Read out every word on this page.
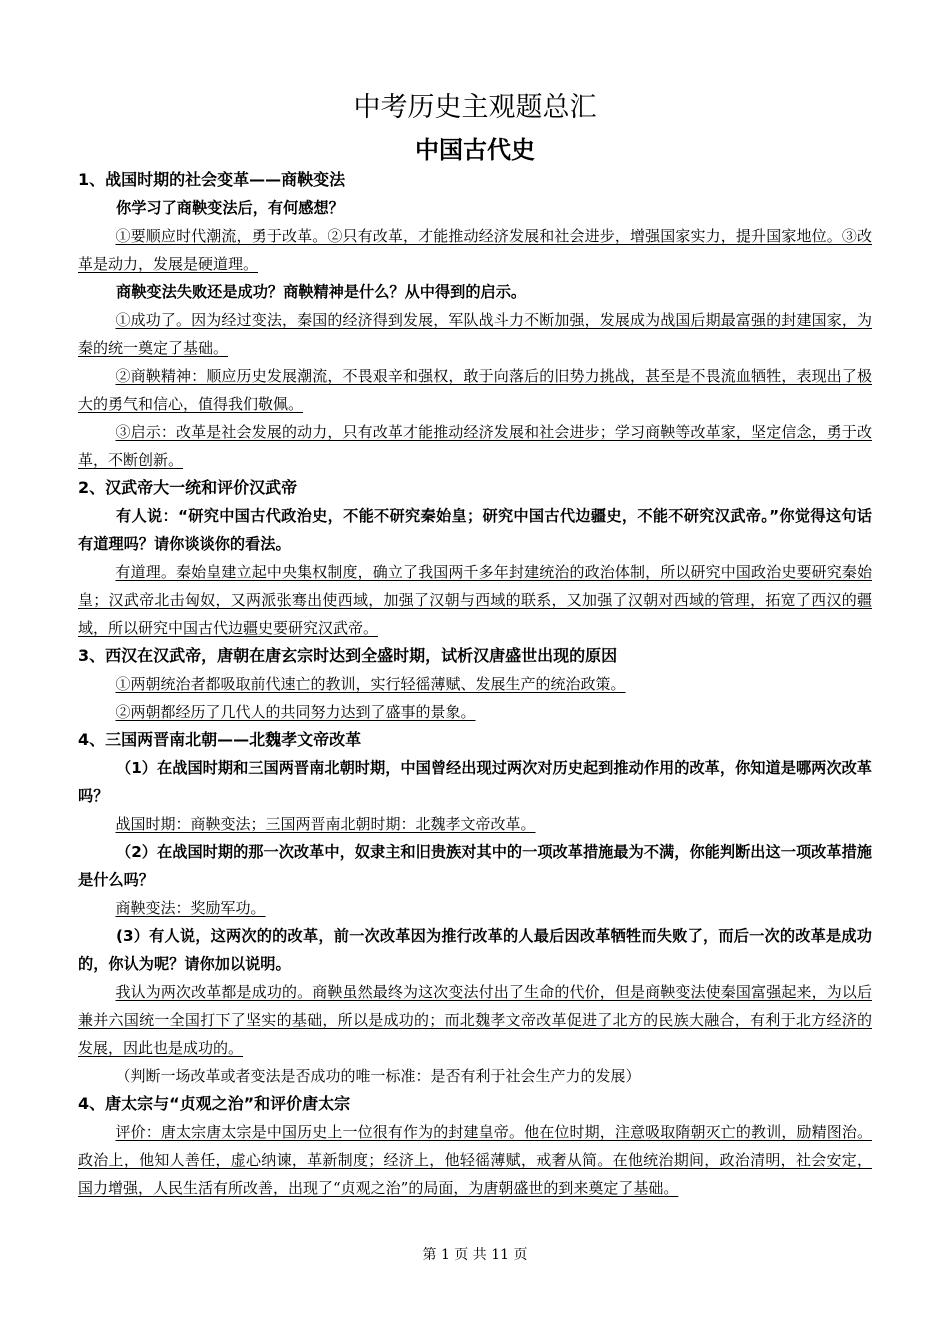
中考历史主观题总汇
中国古代史
1、战国时期的社会变革——商鞅变法

你学习了商鞅变法后，有何感想？

①要顺应时代潮流，勇于改革。②只有改革，才能推动经济发展和社会进步，增强国家实力，提升国家地位。③改革是动力，发展是硬道理。

商鞅变法失败还是成功？商鞅精神是什么？从中得到的启示。

①成功了。因为经过变法，秦国的经济得到发展，军队战斗力不断加强，发展成为战国后期最富强的封建国家，为秦的统一奠定了基础。

②商鞅精神：顺应历史发展潮流，不畏艰辛和强权，敢于向落后的旧势力挑战，甚至是不畏流血牺牲，表现出了极大的勇气和信心，值得我们敬佩。

③启示：改革是社会发展的动力，只有改革才能推动经济发展和社会进步；学习商鞅等改革家，坚定信念，勇于改革，不断创新。

2、汉武帝大一统和评价汉武帝

有人说：“研究中国古代政治史，不能不研究秦始皇；研究中国古代边疆史，不能不研究汉武帝。”你觉得这句话有道理吗？请你谈谈你的看法。

有道理。秦始皇建立起中央集权制度，确立了我国两千多年封建统治的政治体制，所以研究中国政治史要研究秦始皇；汉武帝北击匈奴，又两派张骞出使西域，加强了汉朝与西域的联系，又加强了汉朝对西域的管理，拓宽了西汉的疆域，所以研究中国古代边疆史要研究汉武帝。

3、西汉在汉武帝，唐朝在唐玄宗时达到全盛时期，试析汉唐盛世出现的原因

①两朝统治者都吸取前代速亡的教训，实行轻徭薄赋、发展生产的统治政策。

②两朝都经历了几代人的共同努力达到了盛事的景象。

4、三国两晋南北朝——北魏孝文帝改革

（1）在战国时期和三国两晋南北朝时期，中国曾经出现过两次对历史起到推动作用的改革，你知道是哪两次改革吗？

战国时期：商鞅变法；三国两晋南北朝时期：北魏孝文帝改革。

（2）在战国时期的那一次改革中，奴隶主和旧贵族对其中的一项改革措施最为不满，你能判断出这一项改革措施是什么吗？

商鞅变法：奖励军功。

(3）有人说，这两次的的改革，前一次改革因为推行改革的人最后因改革牺牲而失败了，而后一次的改革是成功的，你认为呢？请你加以说明。

我认为两次改革都是成功的。商鞅虽然最终为这次变法付出了生命的代价，但是商鞅变法使秦国富强起来，为以后兼并六国统一全国打下了坚实的基础，所以是成功的；而北魏孝文帝改革促进了北方的民族大融合，有利于北方经济的发展，因此也是成功的。

（判断一场改革或者变法是否成功的唯一标准：是否有利于社会生产力的发展）

4、唐太宗与“贞观之治”和评价唐太宗

评价：唐太宗唐太宗是中国历史上一位很有作为的封建皇帝。他在位时期，注意吸取隋朝灭亡的教训，励精图治。政治上，他知人善任，虚心纳谏，革新制度；经济上，他轻徭薄赋，戒奢从简。在他统治期间，政治清明，社会安定，国力增强，人民生活有所改善，出现了“贞观之治”的局面，为唐朝盛世的到来奠定了基础。

第 1 页 共 11 页
